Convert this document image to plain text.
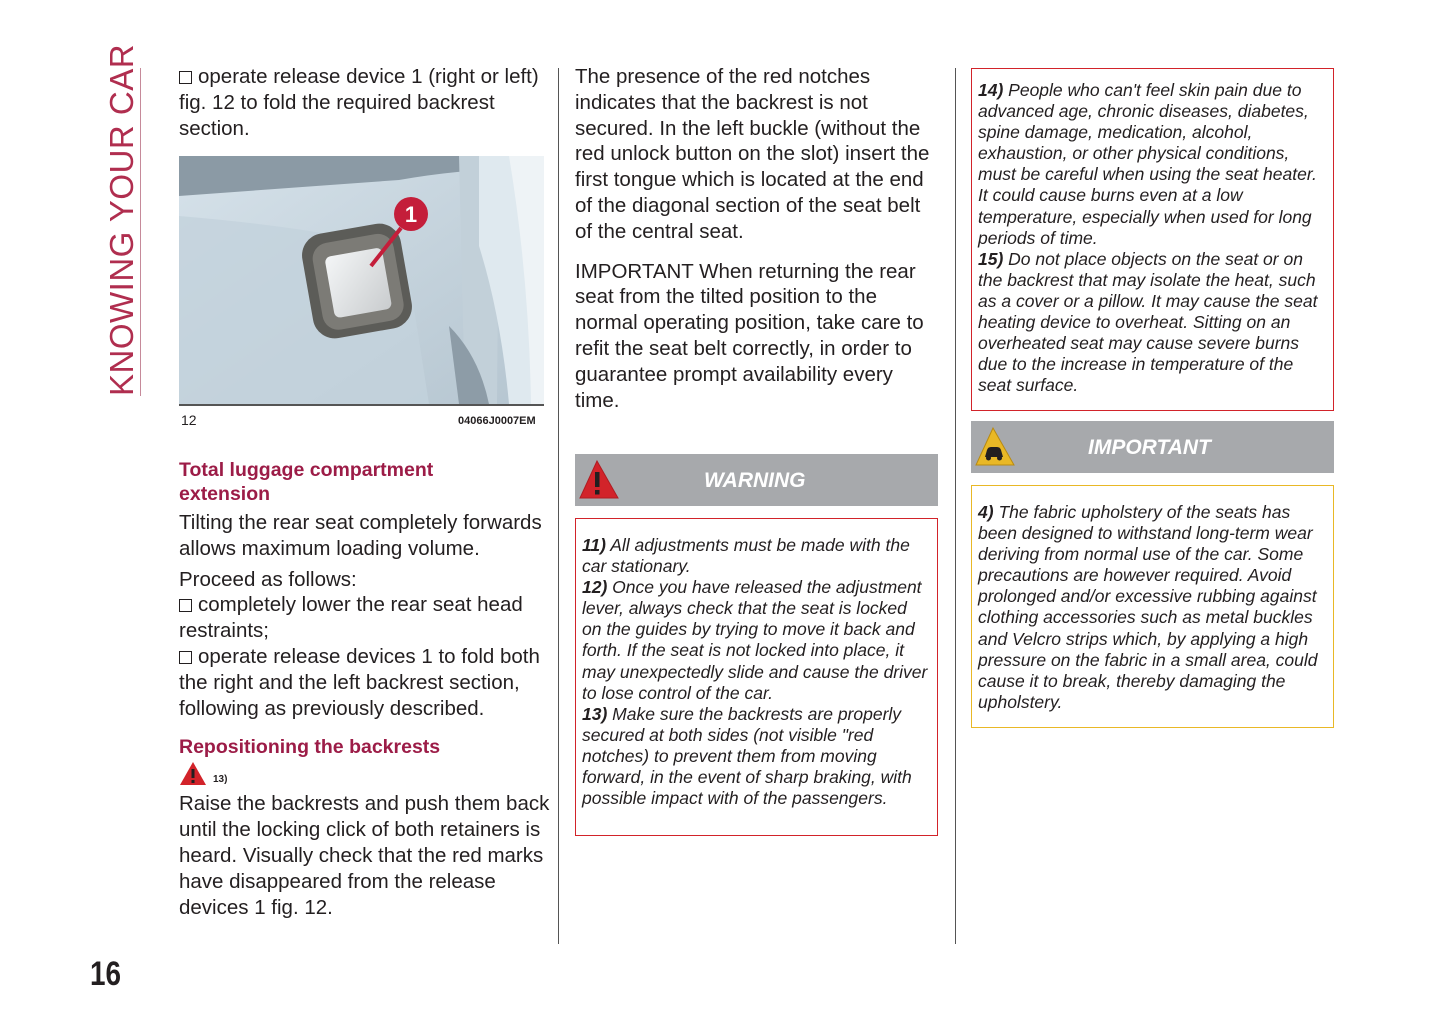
KNOWING YOUR CAR
16

operate release device 1 (right or left) fig. 12 to fold the required backrest section.

1
12	04066J0007EM
Total luggage compartment extension

Tilting the rear seat completely forwards allows maximum loading volume.

Proceed as follows:

completely lower the rear seat head restraints;

operate release devices 1 to fold both the right and the left backrest section, following as previously described.

Repositioning the backrests
13)

Raise the backrests and push them back until the locking click of both retainers is heard. Visually check that the red marks have disappeared from the release devices 1 fig. 12.

The presence of the red notches indicates that the backrest is not secured. In the left buckle (without the red unlock button on the slot) insert the first tongue which is located at the end of the diagonal section of the seat belt of the central seat.

IMPORTANT When returning the rear seat from the tilted position to the normal operating position, take care to refit the seat belt correctly, in order to guarantee prompt availability every time.

WARNING

11) All adjustments must be made with the car stationary.

12) Once you have released the adjustment lever, always check that the seat is locked on the guides by trying to move it back and forth. If the seat is not locked into place, it may unexpectedly slide and cause the driver to lose control of the car.

13) Make sure the backrests are properly secured at both sides (not visible "red notches) to prevent them from moving forward, in the event of sharp braking, with possible impact with of the passengers.

14) People who can't feel skin pain due to advanced age, chronic diseases, diabetes, spine damage, medication, alcohol, exhaustion, or other physical conditions, must be careful when using the seat heater. It could cause burns even at a low temperature, especially when used for long periods of time.

15) Do not place objects on the seat or on the backrest that may isolate the heat, such as a cover or a pillow. It may cause the seat heating device to overheat. Sitting on an overheated seat may cause severe burns due to the increase in temperature of the seat surface.

IMPORTANT

4) The fabric upholstery of the seats has been designed to withstand long-term wear deriving from normal use of the car. Some precautions are however required. Avoid prolonged and/or excessive rubbing against clothing accessories such as metal buckles and Velcro strips which, by applying a high pressure on the fabric in a small area, could cause it to break, thereby damaging the upholstery.
